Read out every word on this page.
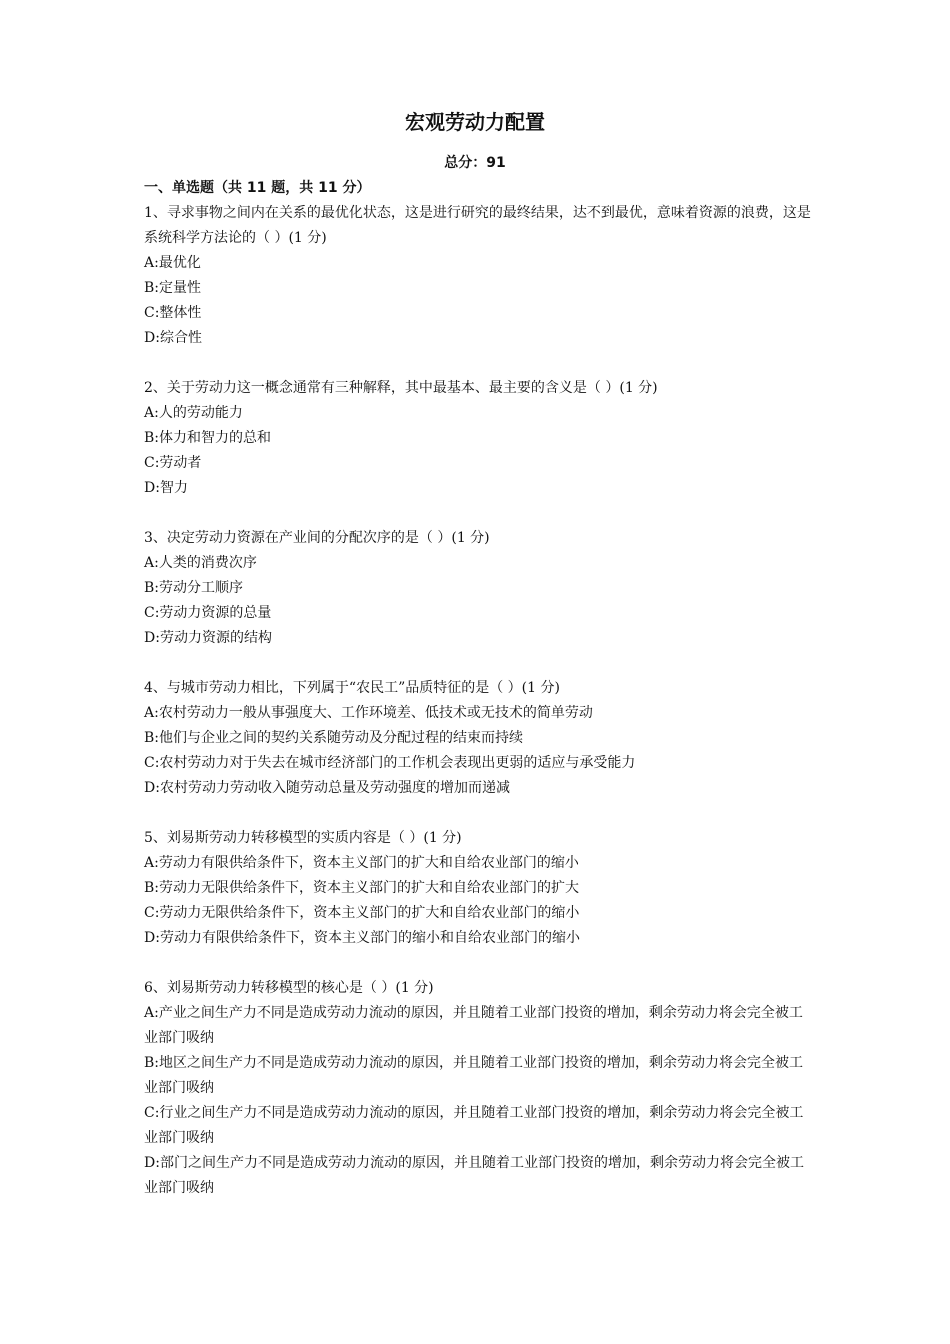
宏观劳动力配置
总分：91
一、单选题（共 11 题，共 11 分）
1、寻求事物之间内在关系的最优化状态，这是进行研究的最终结果，达不到最优，意味着资源的浪费，这是系统科学方法论的（ ）(1 分)
A:最优化
B:定量性
C:整体性
D:综合性
2、关于劳动力这一概念通常有三种解释，其中最基本、最主要的含义是（ ）(1 分)
A:人的劳动能力
B:体力和智力的总和
C:劳动者
D:智力
3、决定劳动力资源在产业间的分配次序的是（ ）(1 分)
A:人类的消费次序
B:劳动分工顺序
C:劳动力资源的总量
D:劳动力资源的结构
4、与城市劳动力相比，下列属于“农民工”品质特征的是（ ）(1 分)
A:农村劳动力一般从事强度大、工作环境差、低技术或无技术的简单劳动
B:他们与企业之间的契约关系随劳动及分配过程的结束而持续
C:农村劳动力对于失去在城市经济部门的工作机会表现出更弱的适应与承受能力
D:农村劳动力劳动收入随劳动总量及劳动强度的增加而递减
5、刘易斯劳动力转移模型的实质内容是（ ）(1 分)
A:劳动力有限供给条件下，资本主义部门的扩大和自给农业部门的缩小
B:劳动力无限供给条件下，资本主义部门的扩大和自给农业部门的扩大
C:劳动力无限供给条件下，资本主义部门的扩大和自给农业部门的缩小
D:劳动力有限供给条件下，资本主义部门的缩小和自给农业部门的缩小
6、刘易斯劳动力转移模型的核心是（ ）(1 分)
A:产业之间生产力不同是造成劳动力流动的原因，并且随着工业部门投资的增加，剩余劳动力将会完全被工业部门吸纳
B:地区之间生产力不同是造成劳动力流动的原因，并且随着工业部门投资的增加，剩余劳动力将会完全被工业部门吸纳
C:行业之间生产力不同是造成劳动力流动的原因，并且随着工业部门投资的增加，剩余劳动力将会完全被工业部门吸纳
D:部门之间生产力不同是造成劳动力流动的原因，并且随着工业部门投资的增加，剩余劳动力将会完全被工业部门吸纳
